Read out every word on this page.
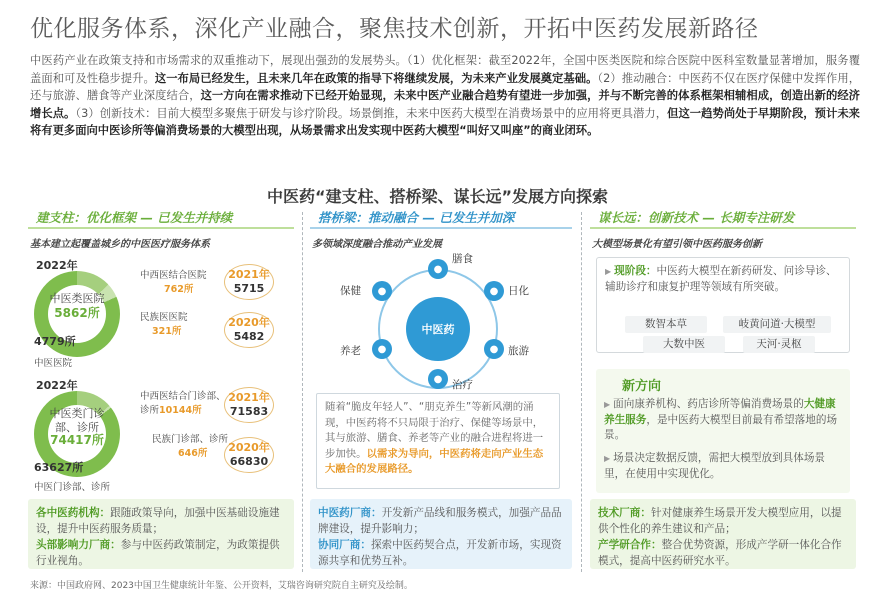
优化服务体系，深化产业融合，聚焦技术创新，开拓中医药发展新路径
中医药产业在政策支持和市场需求的双重推动下，展现出强劲的发展势头。（1）优化框架：截至2022年，全国中医类医院和综合医院中医科室数量显著增加，服务覆盖面和可及性稳步提升。这一布局已经发生，且未来几年在政策的指导下将继续发展，为未来产业发展奠定基础。（2）推动融合：中医药不仅在医疗保健中发挥作用，还与旅游、膳食等产业深度结合，这一方向在需求推动下已经开始显现，未来中医产业融合趋势有望进一步加强，并与不断完善的体系框架相辅相成，创造出新的经济增长点。（3）创新技术：目前大模型多聚焦于研发与诊疗阶段。场景倒推，未来中医药大模型在消费场景中的应用将更具潜力，但这一趋势尚处于早期阶段，预计未来将有更多面向中医诊所等偏消费场景的大模型出现，从场景需求出发实现中医药大模型“叫好又叫座”的商业闭环。
中医药“建支柱、搭桥梁、谋长远”发展方向探索
建支柱：优化框架 — 已发生并持续
基本建立起覆盖城乡的中医医疗服务体系
2022年
中医类医院
5862所
中西医结合医院
762所
民族医医院
321所
4779所
中医医院
2021年
5715
2020年
5482
2022年
中医类门诊
部、诊所
74417所
中西医结合门诊部、
诊所10144所
民族门诊部、诊所
646所
63627所
中医门诊部、诊所
2021年
71583
2020年
66830
各中医药机构：跟随政策导向，加强中医基础设施建设，提升中医药服务质量；
头部影响力厂商：参与中医药政策制定，为政策提供行业视角。
搭桥梁：推动融合 — 已发生并加深
多领域深度融合推动产业发展
中医药
●
膳食
● 日化
● 旅游
● 治疗
●
养老
●
保健
随着“脆皮年轻人”、“朋克养生”等新风潮的涌现，中医药将不只局限于治疗、保健等场景中，其与旅游、膳食、养老等产业的融合进程将进一步加快。以需求为导向，中医药将走向产业生态大融合的发展路径。
中医药厂商：开发新产品线和服务模式，加强产品品牌建设，提升影响力；
协同厂商：探索中医药契合点，开发新市场，实现资源共享和优势互补。
谋长远：创新技术 — 长期专注研发
大模型场景化有望引领中医药服务创新
▶ 现阶段：中医药大模型在新药研发、问诊导诊、辅助诊疗和康复护理等领域有所突破。
数智本草	岐黄问道·大模型
大数中医	天河·灵枢
新方向
▶ 面向康养机构、药店诊所等偏消费场景的大健康养生服务，是中医药大模型目前最有希望落地的场景。
▶ 场景决定数据反馈，需把大模型放到具体场景里，在使用中实现优化。
技术厂商：针对健康养生场景开发大模型应用，以提供个性化的养生建议和产品；
产学研合作：整合优势资源，形成产学研一体化合作模式，提高中医药研究水平。
来源：中国政府网、2023中国卫生健康统计年鉴、公开资料，艾瑞咨询研究院自主研究及绘制。
